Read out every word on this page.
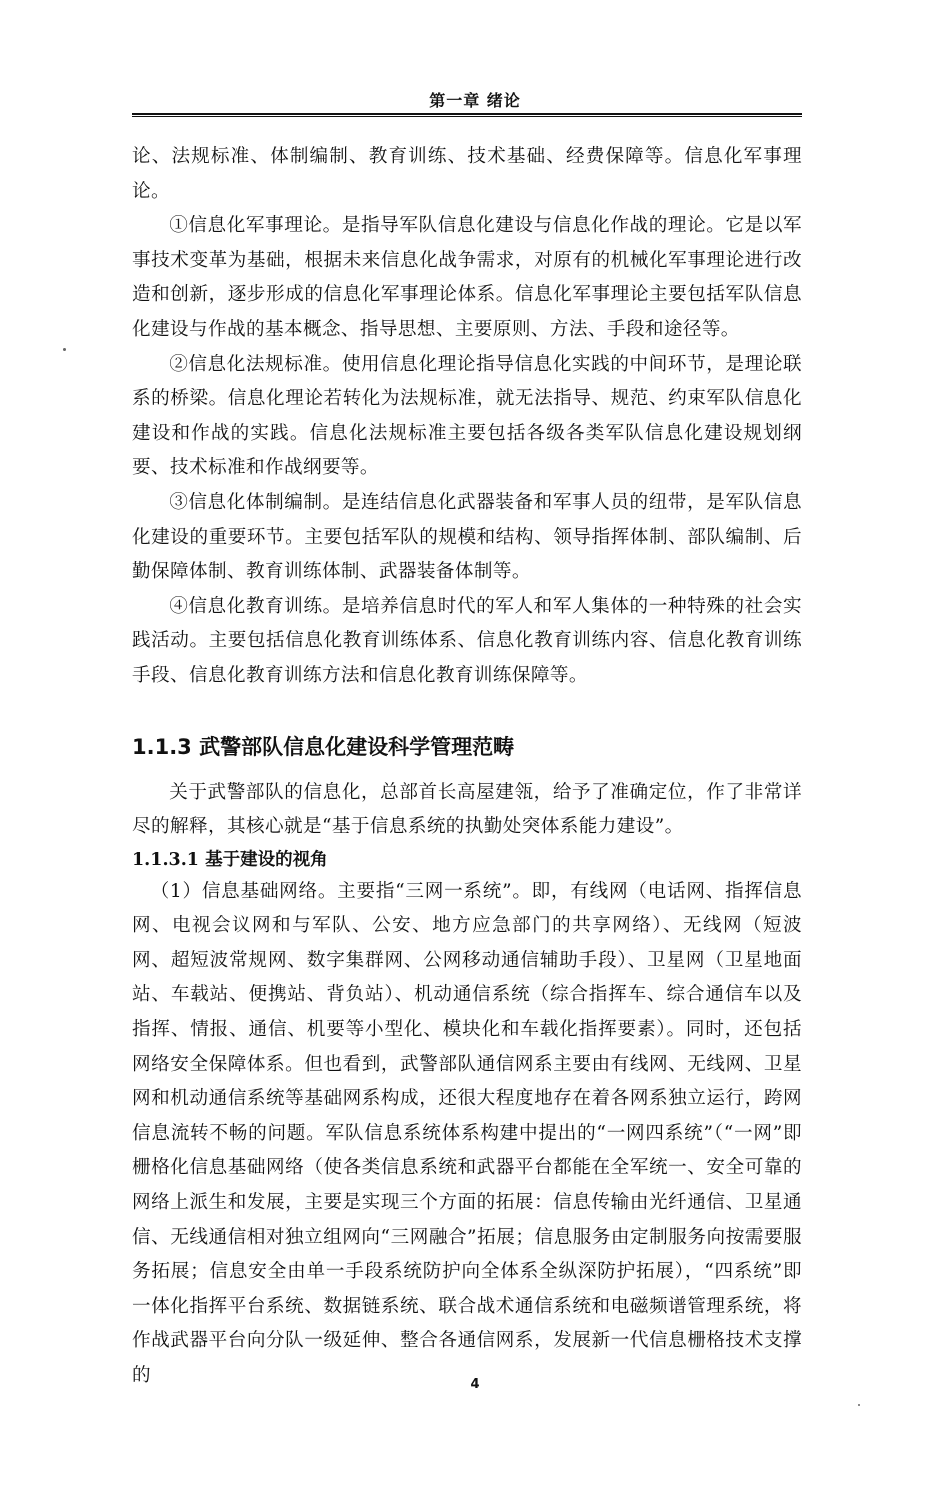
第一章 绪论

论、法规标准、体制编制、教育训练、技术基础、经费保障等。信息化军事理论。

①信息化军事理论。是指导军队信息化建设与信息化作战的理论。它是以军事技术变革为基础，根据未来信息化战争需求，对原有的机械化军事理论进行改造和创新，逐步形成的信息化军事理论体系。信息化军事理论主要包括军队信息化建设与作战的基本概念、指导思想、主要原则、方法、手段和途径等。

②信息化法规标准。使用信息化理论指导信息化实践的中间环节，是理论联系的桥梁。信息化理论若转化为法规标准，就无法指导、规范、约束军队信息化建设和作战的实践。信息化法规标准主要包括各级各类军队信息化建设规划纲要、技术标准和作战纲要等。

③信息化体制编制。是连结信息化武器装备和军事人员的纽带，是军队信息化建设的重要环节。主要包括军队的规模和结构、领导指挥体制、部队编制、后勤保障体制、教育训练体制、武器装备体制等。

④信息化教育训练。是培养信息时代的军人和军人集体的一种特殊的社会实践活动。主要包括信息化教育训练体系、信息化教育训练内容、信息化教育训练手段、信息化教育训练方法和信息化教育训练保障等。

1.1.3 武警部队信息化建设科学管理范畴

关于武警部队的信息化，总部首长高屋建瓴，给予了准确定位，作了非常详尽的解释，其核心就是“基于信息系统的执勤处突体系能力建设”。

1.1.3.1 基于建设的视角

（1）信息基础网络。主要指“三网一系统”。即，有线网（电话网、指挥信息网、电视会议网和与军队、公安、地方应急部门的共享网络）、无线网（短波网、超短波常规网、数字集群网、公网移动通信辅助手段）、卫星网（卫星地面站、车载站、便携站、背负站）、机动通信系统（综合指挥车、综合通信车以及指挥、情报、通信、机要等小型化、模块化和车载化指挥要素）。同时，还包括网络安全保障体系。但也看到，武警部队通信网系主要由有线网、无线网、卫星网和机动通信系统等基础网系构成，还很大程度地存在着各网系独立运行，跨网信息流转不畅的问题。军队信息系统体系构建中提出的“一网四系统”（“一网”即栅格化信息基础网络（使各类信息系统和武器平台都能在全军统一、安全可靠的网络上派生和发展，主要是实现三个方面的拓展：信息传输由光纤通信、卫星通信、无线通信相对独立组网向“三网融合”拓展；信息服务由定制服务向按需要服务拓展；信息安全由单一手段系统防护向全体系全纵深防护拓展），“四系统”即一体化指挥平台系统、数据链系统、联合战术通信系统和电磁频谱管理系统，将作战武器平台向分队一级延伸、整合各通信网系，发展新一代信息栅格技术支撑的	4
